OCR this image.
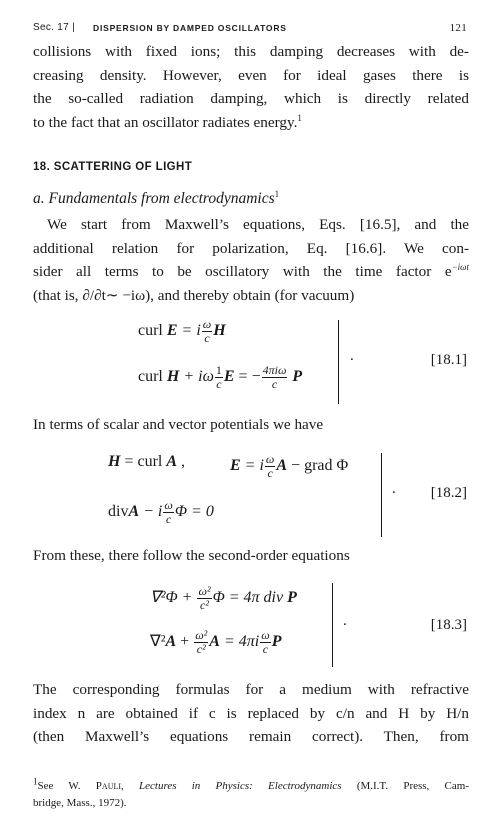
Sec. 17 | DISPERSION BY DAMPED OSCILLATORS	121
collisions with fixed ions; this damping decreases with de-
creasing density. However, even for ideal gases there is
the so-called radiation damping, which is directly related
to the fact that an oscillator radiates energy.$^1$
18. SCATTERING OF LIGHT
a. Fundamentals from electrodynamics$^1$
We start from Maxwell’s equations, Eqs. [16.5], and the
additional relation for polarization, Eq. [16.6]. We con-
sider all terms to be oscillatory with the time factor $e^{-i\omega t}$
(that is, ∂/∂t∼ −iω), and thereby obtain (for vacuum)
curl E = i $\frac{\omega}{c}$ H
curl H + iω $\frac{1}{c}$ E = − $\frac{\text{4πiω}}{c}$ P
.	[18.1]
In terms of scalar and vector potentials we have
H = curl A ,	E = i $\frac{\omega}{c}$ A − grad Φ
divA − i $\frac{\omega}{c}$ Φ = 0
. [18.2]
From these, there follow the second-order equations
$\nabla^2\Phi + \frac{\text{ω²}}{\text{c²}}$ Φ = 4π div P
$\nabla^2A + \frac{\text{ω²}}{\text{c²}}$ $A = 4\pi i \frac{\omega}{c}$ P
.	[18.3]
The corresponding formulas for a medium with refractive
index n are obtained if c is replaced by c/n and H by H/n
(then Maxwell’s equations remain correct). Then, from
$^1$See W. Pauli, Lectures in Physics: Electrodynamics (M.I.T. Press, Cam-
bridge, Mass., 1972).
